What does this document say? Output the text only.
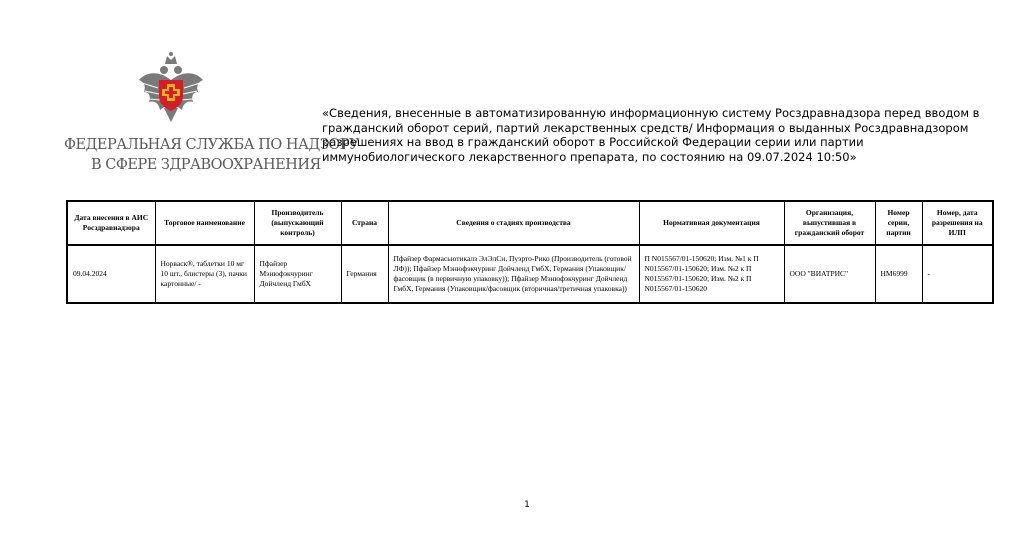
ФЕДЕРАЛЬНАЯ СЛУЖБА ПО НАДЗОРУ
В СФЕРЕ ЗДРАВООХРАНЕНИЯ
«Сведения, внесенные в автоматизированную информационную систему Росздравнадзора перед вводом в гражданский оборот серий, партий лекарственных средств/ Информация о выданных Росздравнадзором разрешениях на ввод в гражданский оборот в Российской Федерации серии или партии иммунобиологического лекарственного препарата, по состоянию на 09.07.2024 10:50»
Дата внесения в АИС Росздравнадзора	Торговое наименование	Производитель (выпускающий контроль)	Страна	Сведения о стадиях производства	Нормативная документация	Организация, выпустившая в гражданский оборот	Номер серии, партии	Номер, дата разрешения на ИЛП
09.04.2024	Норваск®, таблетки 10 мг 10 шт., блистеры (3), пачки картонные/ -	Пфайзер Мэнюфэкчуринг Дойчленд ГмбХ	Германия	Пфайзер Фармасьютикалз ЭлЭлСи, Пуэрто-Рико (Производитель (готовой ЛФ)); Пфайзер Мэнюфэкчуринг Дойчленд ГмбХ, Германия (Упаковщик/фасовщик (в первичную упаковку)); Пфайзер Мэнюфэкчуринг Дойчленд ГмбХ, Германия (Упаковщик/фасовщик (вторичная/третичная упаковка))	П N015567/01-150620; Изм. №1 к П N015567/01-150620; Изм. №2 к П N015567/01-150620; Изм. №2 к П N015567/01-150620	ООО "ВИАТРИС"	HM6999	-
1
